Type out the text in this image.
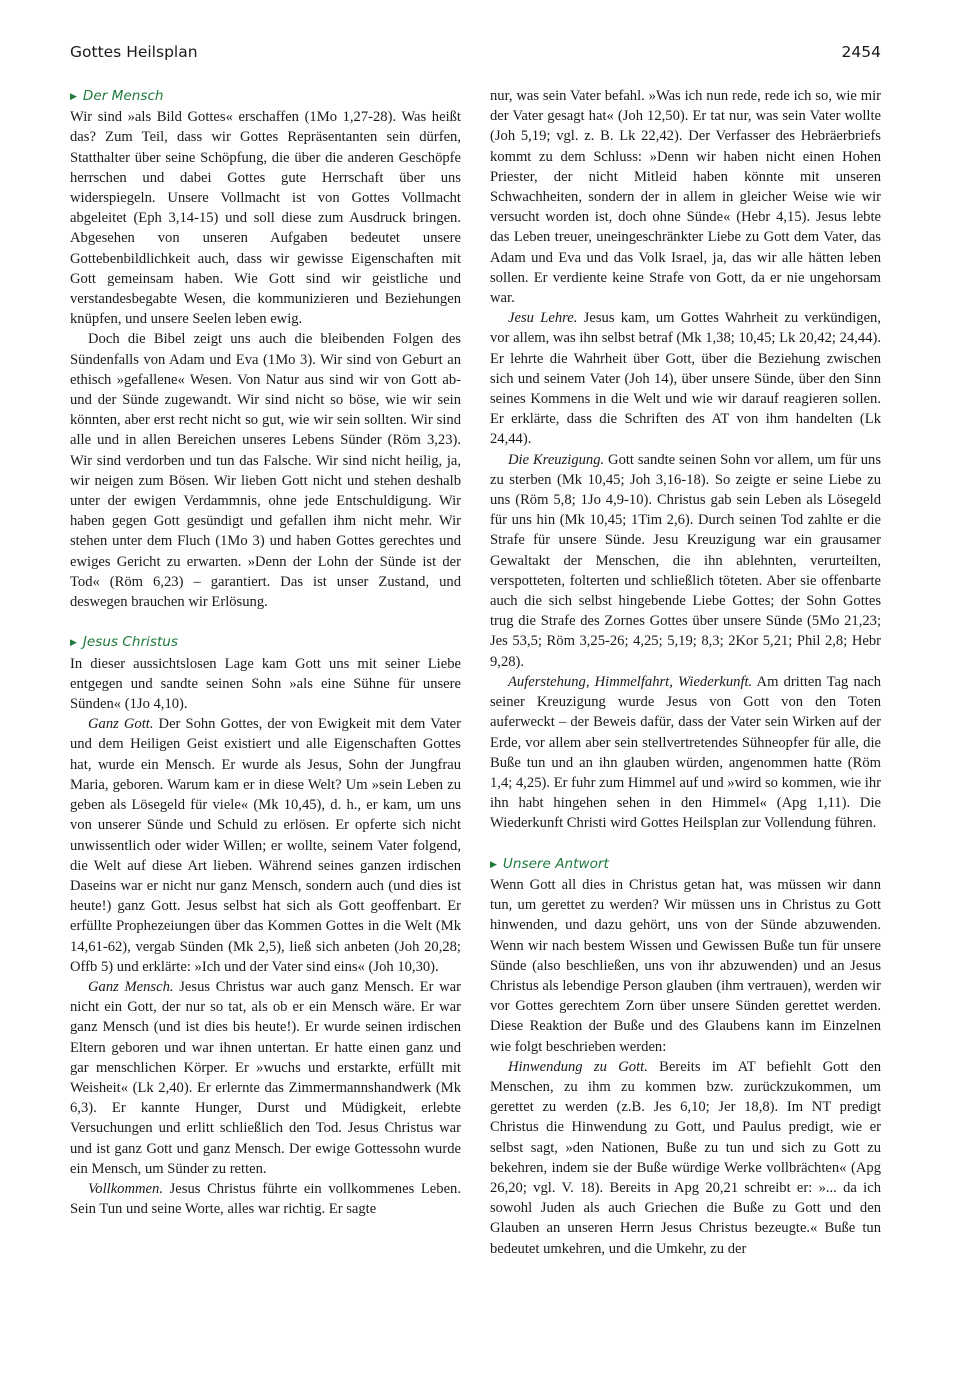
Gottes Heilsplan	2454
▶ Der Mensch

Wir sind »als Bild Gottes« erschaffen (1Mo 1,27-28). Was heißt das? Zum Teil, dass wir Gottes Repräsentanten sein dürfen, Statthalter über seine Schöpfung, die über die anderen Geschöpfe herrschen und dabei Gottes gute Herrschaft über uns widerspiegeln. Unsere Vollmacht ist von Gottes Vollmacht abgeleitet (Eph 3,14-15) und soll diese zum Ausdruck bringen. Abgesehen von unseren Aufgaben bedeutet unsere Gottebenbildlichkeit auch, dass wir gewisse Eigenschaften mit Gott gemeinsam haben. Wie Gott sind wir geistliche und verstandesbegabte Wesen, die kommunizieren und Beziehungen knüpfen, und unsere Seelen leben ewig.

Doch die Bibel zeigt uns auch die bleibenden Folgen des Sündenfalls von Adam und Eva (1Mo 3). Wir sind von Geburt an ethisch »gefallene« Wesen. Von Natur aus sind wir von Gott ab- und der Sünde zugewandt. Wir sind nicht so böse, wie wir sein könnten, aber erst recht nicht so gut, wie wir sein sollten. Wir sind alle und in allen Bereichen unseres Lebens Sünder (Röm 3,23). Wir sind verdorben und tun das Falsche. Wir sind nicht heilig, ja, wir neigen zum Bösen. Wir lieben Gott nicht und stehen deshalb unter der ewigen Verdammnis, ohne jede Entschuldigung. Wir haben gegen Gott gesündigt und gefallen ihm nicht mehr. Wir stehen unter dem Fluch (1Mo 3) und haben Gottes gerechtes und ewiges Gericht zu erwarten. »Denn der Lohn der Sünde ist der Tod« (Röm 6,23) – garantiert. Das ist unser Zustand, und deswegen brauchen wir Erlösung.

▶ Jesus Christus

In dieser aussichtslosen Lage kam Gott uns mit seiner Liebe entgegen und sandte seinen Sohn »als eine Sühne für unsere Sünden« (1Jo 4,10).

Ganz Gott. Der Sohn Gottes, der von Ewigkeit mit dem Vater und dem Heiligen Geist existiert und alle Eigenschaften Gottes hat, wurde ein Mensch. Er wurde als Jesus, Sohn der Jungfrau Maria, geboren. Warum kam er in diese Welt? Um »sein Leben zu geben als Lösegeld für viele« (Mk 10,45), d. h., er kam, um uns von unserer Sünde und Schuld zu erlösen. Er opferte sich nicht unwissentlich oder wider Willen; er wollte, seinem Vater folgend, die Welt auf diese Art lieben. Während seines ganzen irdischen Daseins war er nicht nur ganz Mensch, sondern auch (und dies ist heute!) ganz Gott. Jesus selbst hat sich als Gott geoffenbart. Er erfüllte Prophezeiungen über das Kommen Gottes in die Welt (Mk 14,61-62), vergab Sünden (Mk 2,5), ließ sich anbeten (Joh 20,28; Offb 5) und erklärte: »Ich und der Vater sind eins« (Joh 10,30).

Ganz Mensch. Jesus Christus war auch ganz Mensch. Er war nicht ein Gott, der nur so tat, als ob er ein Mensch wäre. Er war ganz Mensch (und ist dies bis heute!). Er wurde seinen irdischen Eltern geboren und war ihnen untertan. Er hatte einen ganz und gar menschlichen Körper. Er »wuchs und erstarkte, erfüllt mit Weisheit« (Lk 2,40). Er erlernte das Zimmermannshandwerk (Mk 6,3). Er kannte Hunger, Durst und Müdigkeit, erlebte Versuchungen und erlitt schließlich den Tod. Jesus Christus war und ist ganz Gott und ganz Mensch. Der ewige Gottessohn wurde ein Mensch, um Sünder zu retten.

Vollkommen. Jesus Christus führte ein vollkommenes Leben. Sein Tun und seine Worte, alles war richtig. Er sagte

nur, was sein Vater befahl. »Was ich nun rede, rede ich so, wie mir der Vater gesagt hat« (Joh 12,50). Er tat nur, was sein Vater wollte (Joh 5,19; vgl. z. B. Lk 22,42). Der Verfasser des Hebräerbriefs kommt zu dem Schluss: »Denn wir haben nicht einen Hohen Priester, der nicht Mitleid haben könnte mit unseren Schwachheiten, sondern der in allem in gleicher Weise wie wir versucht worden ist, doch ohne Sünde« (Hebr 4,15). Jesus lebte das Leben treuer, uneingeschränkter Liebe zu Gott dem Vater, das Adam und Eva und das Volk Israel, ja, das wir alle hätten leben sollen. Er verdiente keine Strafe von Gott, da er nie ungehorsam war.

Jesu Lehre. Jesus kam, um Gottes Wahrheit zu verkündigen, vor allem, was ihn selbst betraf (Mk 1,38; 10,45; Lk 20,42; 24,44). Er lehrte die Wahrheit über Gott, über die Beziehung zwischen sich und seinem Vater (Joh 14), über unsere Sünde, über den Sinn seines Kommens in die Welt und wie wir darauf reagieren sollen. Er erklärte, dass die Schriften des AT von ihm handelten (Lk 24,44).

Die Kreuzigung. Gott sandte seinen Sohn vor allem, um für uns zu sterben (Mk 10,45; Joh 3,16-18). So zeigte er seine Liebe zu uns (Röm 5,8; 1Jo 4,9-10). Christus gab sein Leben als Lösegeld für uns hin (Mk 10,45; 1Tim 2,6). Durch seinen Tod zahlte er die Strafe für unsere Sünde. Jesu Kreuzigung war ein grausamer Gewaltakt der Menschen, die ihn ablehnten, verurteilten, verspotteten, folterten und schließlich töteten. Aber sie offenbarte auch die sich selbst hingebende Liebe Gottes; der Sohn Gottes trug die Strafe des Zornes Gottes über unsere Sünde (5Mo 21,23; Jes 53,5; Röm 3,25-26; 4,25; 5,19; 8,3; 2Kor 5,21; Phil 2,8; Hebr 9,28).

Auferstehung, Himmelfahrt, Wiederkunft. Am dritten Tag nach seiner Kreuzigung wurde Jesus von Gott von den Toten auferweckt – der Beweis dafür, dass der Vater sein Wirken auf der Erde, vor allem aber sein stellvertretendes Sühneopfer für alle, die Buße tun und an ihn glauben würden, angenommen hatte (Röm 1,4; 4,25). Er fuhr zum Himmel auf und »wird so kommen, wie ihr ihn habt hingehen sehen in den Himmel« (Apg 1,11). Die Wiederkunft Christi wird Gottes Heilsplan zur Vollendung führen.

▶ Unsere Antwort

Wenn Gott all dies in Christus getan hat, was müssen wir dann tun, um gerettet zu werden? Wir müssen uns in Christus zu Gott hinwenden, und dazu gehört, uns von der Sünde abzuwenden. Wenn wir nach bestem Wissen und Gewissen Buße tun für unsere Sünde (also beschließen, uns von ihr abzuwenden) und an Jesus Christus als lebendige Person glauben (ihm vertrauen), werden wir vor Gottes gerechtem Zorn über unsere Sünden gerettet werden. Diese Reaktion der Buße und des Glaubens kann im Einzelnen wie folgt beschrieben werden:

Hinwendung zu Gott. Bereits im AT befiehlt Gott den Menschen, zu ihm zu kommen bzw. zurückzukommen, um gerettet zu werden (z.B. Jes 6,10; Jer 18,8). Im NT predigt Christus die Hinwendung zu Gott, und Paulus predigt, wie er selbst sagt, »den Nationen, Buße zu tun und sich zu Gott zu bekehren, indem sie der Buße würdige Werke vollbrächten« (Apg 26,20; vgl. V. 18). Bereits in Apg 20,21 schreibt er: »... da ich sowohl Juden als auch Griechen die Buße zu Gott und den Glauben an unseren Herrn Jesus Christus bezeugte.« Buße tun bedeutet umkehren, und die Umkehr, zu der
